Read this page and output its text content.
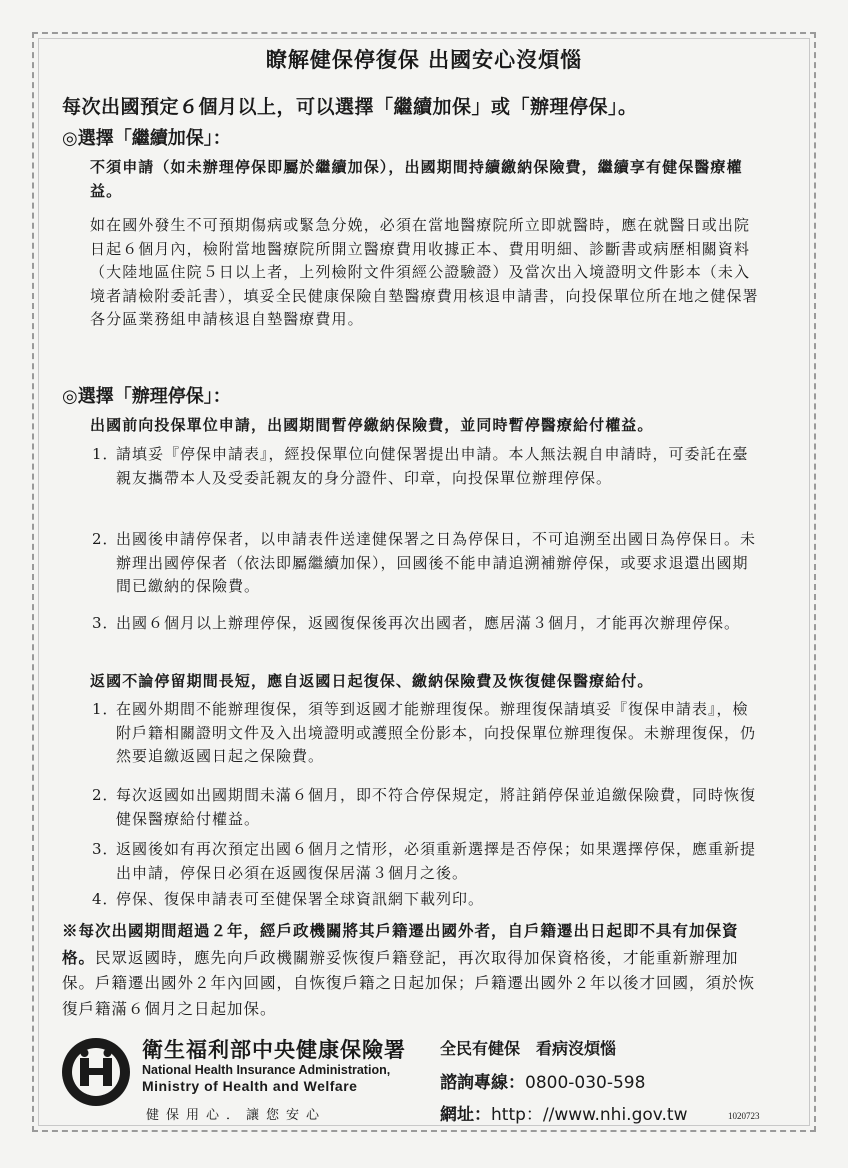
瞭解健保停復保 出國安心沒煩惱
每次出國預定６個月以上，可以選擇「繼續加保」或「辦理停保」。
◎選擇「繼續加保」：
不須申請（如未辦理停保即屬於繼續加保），出國期間持續繳納保險費，繼續享有健保醫療權益。
如在國外發生不可預期傷病或緊急分娩，必須在當地醫療院所立即就醫時，應在就醫日或出院日起６個月內，檢附當地醫療院所開立醫療費用收據正本、費用明細、診斷書或病歷相關資料（大陸地區住院５日以上者，上列檢附文件須經公證驗證）及當次出入境證明文件影本（未入境者請檢附委託書），填妥全民健康保險自墊醫療費用核退申請書，向投保單位所在地之健保署各分區業務組申請核退自墊醫療費用。
◎選擇「辦理停保」：
出國前向投保單位申請，出國期間暫停繳納保險費，並同時暫停醫療給付權益。
1．
請填妥『停保申請表』，經投保單位向健保署提出申請。本人無法親自申請時，可委託在臺親友攜帶本人及受委託親友的身分證件、印章，向投保單位辦理停保。
2．
出國後申請停保者，以申請表件送達健保署之日為停保日，不可追溯至出國日為停保日。未辦理出國停保者（依法即屬繼續加保），回國後不能申請追溯補辦停保，或要求退還出國期間已繳納的保險費。
3．
出國６個月以上辦理停保，返國復保後再次出國者，應居滿３個月，才能再次辦理停保。
返國不論停留期間長短，應自返國日起復保、繳納保險費及恢復健保醫療給付。
1．
在國外期間不能辦理復保，須等到返國才能辦理復保。辦理復保請填妥『復保申請表』，檢附戶籍相關證明文件及入出境證明或護照全份影本，向投保單位辦理復保。未辦理復保，仍然要追繳返國日起之保險費。
2．
每次返國如出國期間未滿６個月，即不符合停保規定，將註銷停保並追繳保險費，同時恢復健保醫療給付權益。
3．
返國後如有再次預定出國６個月之情形，必須重新選擇是否停保；如果選擇停保，應重新提出申請，停保日必須在返國復保居滿３個月之後。
4．
停保、復保申請表可至健保署全球資訊網下載列印。
※每次出國期間超過２年，經戶政機關將其戶籍遷出國外者，自戶籍遷出日起即不具有加保資格。民眾返國時，應先向戶政機關辦妥恢復戶籍登記，再次取得加保資格後，才能重新辦理加保。戶籍遷出國外２年內回國，自恢復戶籍之日起加保；戶籍遷出國外２年以後才回國，須於恢復戶籍滿６個月之日起加保。
衛生福利部中央健康保險署
National Health Insurance Administration,
Ministry of Health and Welfare
健保用心．讓您安心
全民有健保　看病沒煩惱
諮詢專線：0800-030-598
網址：http：//www.nhi.gov.tw	1020723
